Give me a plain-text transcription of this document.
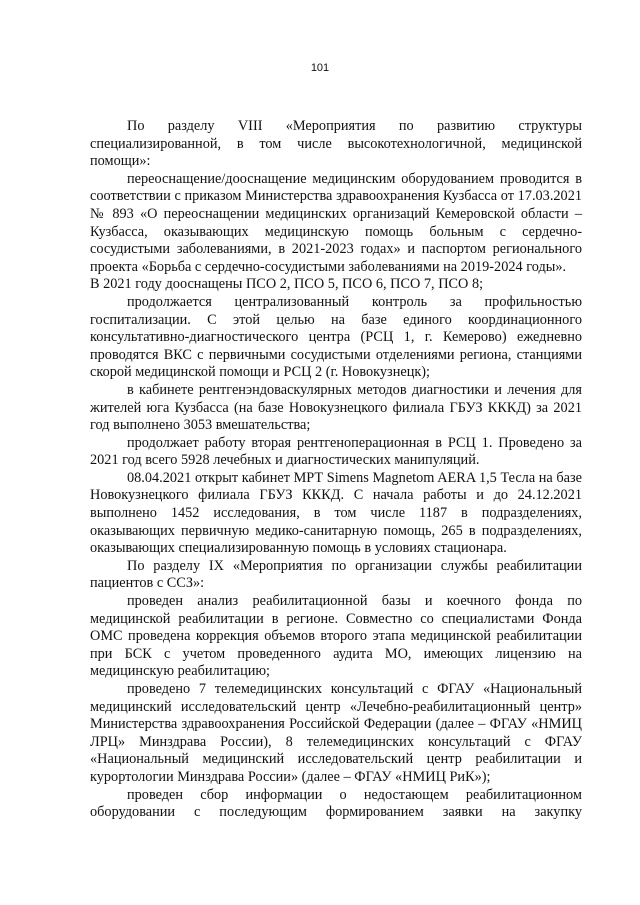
101

По разделу VIII «Мероприятия по развитию структуры специализированной, в том числе высокотехнологичной, медицинской помощи»:

переоснащение/дооснащение медицинским оборудованием проводится в соответствии с приказом Министерства здравоохранения Кузбасса от 17.03.2021 № 893 «О переоснащении медицинских организаций Кемеровской области – Кузбасса, оказывающих медицинскую помощь больным с сердечно-сосудистыми заболеваниями, в 2021-2023 годах» и паспортом регионального проекта «Борьба с сердечно-сосудистыми заболеваниями на 2019-2024 годы».

В 2021 году дооснащены ПСО 2, ПСО 5, ПСО 6, ПСО 7, ПСО 8;

продолжается централизованный контроль за профильностью госпитализации. С этой целью на базе единого координационного консультативно-диагностического центра (РСЦ 1, г. Кемерово) ежедневно проводятся ВКС с первичными сосудистыми отделениями региона, станциями скорой медицинской помощи и РСЦ 2 (г. Новокузнецк);

в кабинете рентгенэндоваскулярных методов диагностики и лечения для жителей юга Кузбасса (на базе Новокузнецкого филиала ГБУЗ КККД) за 2021 год выполнено 3053 вмешательства;

продолжает работу вторая рентгеноперационная в РСЦ 1. Проведено за 2021 год всего 5928 лечебных и диагностических манипуляций.

08.04.2021 открыт кабинет МРТ Simens Magnetom AERA 1,5 Тесла на базе Новокузнецкого филиала ГБУЗ КККД. С начала работы и до 24.12.2021 выполнено 1452 исследования, в том числе 1187 в подразделениях, оказывающих первичную медико-санитарную помощь, 265 в подразделениях, оказывающих специализированную помощь в условиях стационара.

По разделу IX «Мероприятия по организации службы реабилитации пациентов с ССЗ»:

проведен анализ реабилитационной базы и коечного фонда по медицинской реабилитации в регионе. Совместно со специалистами Фонда ОМС проведена коррекция объемов второго этапа медицинской реабилитации при БСК с учетом проведенного аудита МО, имеющих лицензию на медицинскую реабилитацию;

проведено 7 телемедицинских консультаций с ФГАУ «Национальный медицинский исследовательский центр «Лечебно-реабилитационный центр» Министерства здравоохранения Российской Федерации (далее – ФГАУ «НМИЦ ЛРЦ» Минздрава России), 8 телемедицинских консультаций с ФГАУ «Национальный медицинский исследовательский центр реабилитации и курортологии Минздрава России» (далее – ФГАУ «НМИЦ РиК»);

проведен сбор информации о недостающем реабилитационном оборудовании с последующим формированием заявки на закупку
